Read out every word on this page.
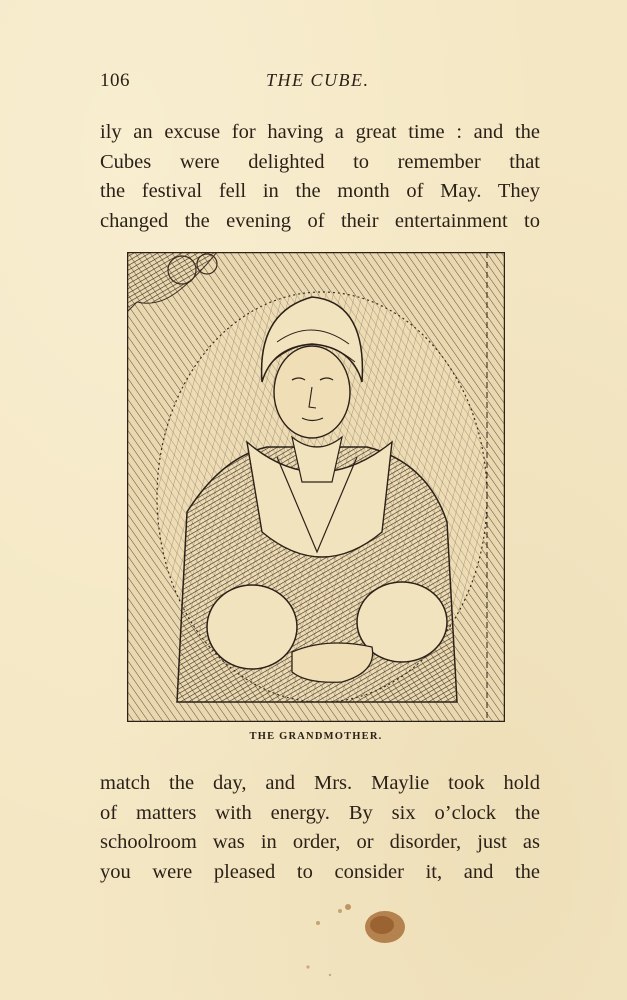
106	THE CUBE.
ily an excuse for having a great time : and the
Cubes were delighted to remember that
the festival fell in the month of May. They
changed the evening of their entertainment to
THE GRANDMOTHER.
match the day, and Mrs. Maylie took hold
of matters with energy. By six o’clock the
schoolroom was in order, or disorder, just as
you were pleased to consider it, and the
